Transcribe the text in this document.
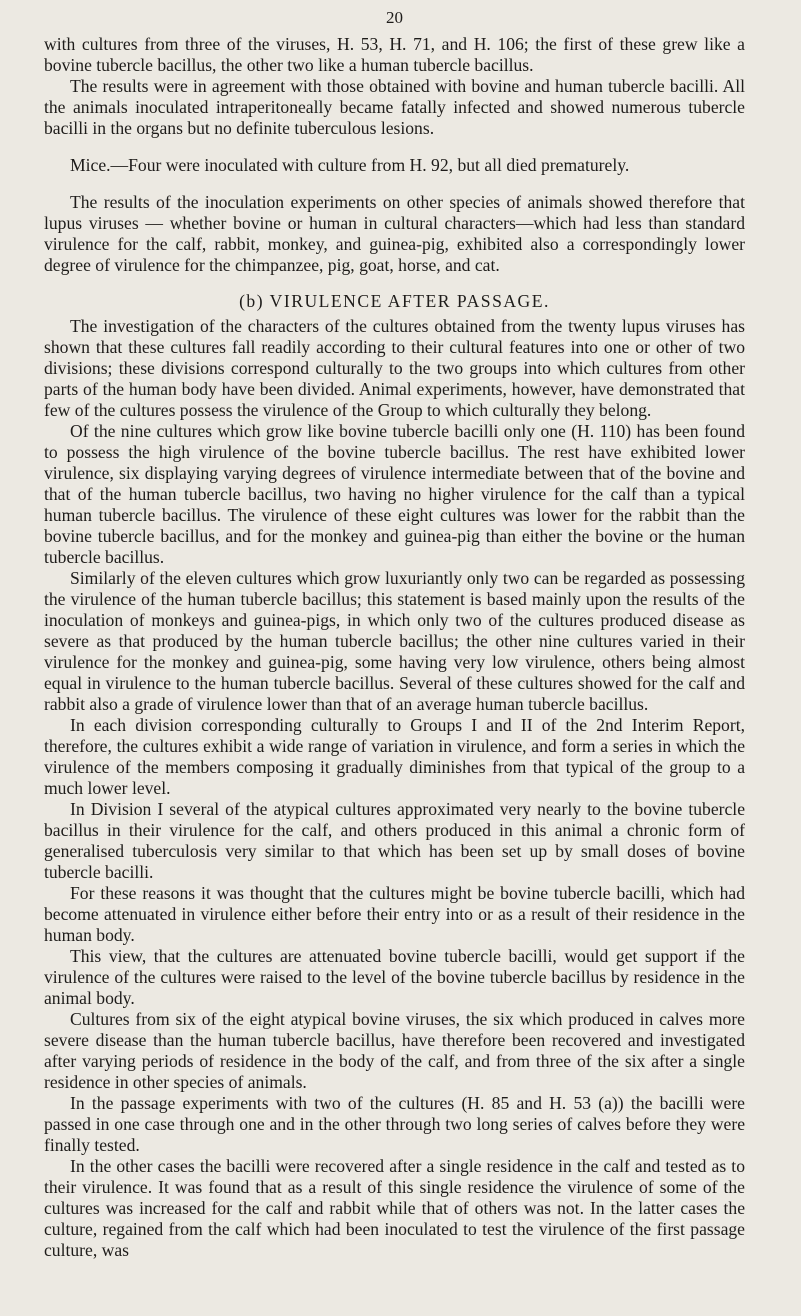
20

with cultures from three of the viruses, H. 53, H. 71, and H. 106; the first of these grew like a bovine tubercle bacillus, the other two like a human tubercle bacillus.

The results were in agreement with those obtained with bovine and human tubercle bacilli. All the animals inoculated intraperitoneally became fatally infected and showed numerous tubercle bacilli in the organs but no definite tuberculous lesions.

Mice.—Four were inoculated with culture from H. 92, but all died prematurely.

The results of the inoculation experiments on other species of animals showed therefore that lupus viruses — whether bovine or human in cultural characters—which had less than standard virulence for the calf, rabbit, monkey, and guinea-pig, exhibited also a correspondingly lower degree of virulence for the chimpanzee, pig, goat, horse, and cat.

(b) VIRULENCE AFTER PASSAGE.

The investigation of the characters of the cultures obtained from the twenty lupus viruses has shown that these cultures fall readily according to their cultural features into one or other of two divisions; these divisions correspond culturally to the two groups into which cultures from other parts of the human body have been divided. Animal experiments, however, have demonstrated that few of the cultures possess the virulence of the Group to which culturally they belong.

Of the nine cultures which grow like bovine tubercle bacilli only one (H. 110) has been found to possess the high virulence of the bovine tubercle bacillus. The rest have exhibited lower virulence, six displaying varying degrees of virulence intermediate between that of the bovine and that of the human tubercle bacillus, two having no higher virulence for the calf than a typical human tubercle bacillus. The virulence of these eight cultures was lower for the rabbit than the bovine tubercle bacillus, and for the monkey and guinea-pig than either the bovine or the human tubercle bacillus.

Similarly of the eleven cultures which grow luxuriantly only two can be regarded as possessing the virulence of the human tubercle bacillus; this statement is based mainly upon the results of the inoculation of monkeys and guinea-pigs, in which only two of the cultures produced disease as severe as that produced by the human tubercle bacillus; the other nine cultures varied in their virulence for the monkey and guinea-pig, some having very low virulence, others being almost equal in virulence to the human tubercle bacillus. Several of these cultures showed for the calf and rabbit also a grade of virulence lower than that of an average human tubercle bacillus.

In each division corresponding culturally to Groups I and II of the 2nd Interim Report, therefore, the cultures exhibit a wide range of variation in virulence, and form a series in which the virulence of the members composing it gradually diminishes from that typical of the group to a much lower level.

In Division I several of the atypical cultures approximated very nearly to the bovine tubercle bacillus in their virulence for the calf, and others produced in this animal a chronic form of generalised tuberculosis very similar to that which has been set up by small doses of bovine tubercle bacilli.

For these reasons it was thought that the cultures might be bovine tubercle bacilli, which had become attenuated in virulence either before their entry into or as a result of their residence in the human body.

This view, that the cultures are attenuated bovine tubercle bacilli, would get support if the virulence of the cultures were raised to the level of the bovine tubercle bacillus by residence in the animal body.

Cultures from six of the eight atypical bovine viruses, the six which produced in calves more severe disease than the human tubercle bacillus, have therefore been recovered and investigated after varying periods of residence in the body of the calf, and from three of the six after a single residence in other species of animals.

In the passage experiments with two of the cultures (H. 85 and H. 53 (a)) the bacilli were passed in one case through one and in the other through two long series of calves before they were finally tested.

In the other cases the bacilli were recovered after a single residence in the calf and tested as to their virulence. It was found that as a result of this single residence the virulence of some of the cultures was increased for the calf and rabbit while that of others was not. In the latter cases the culture, regained from the calf which had been inoculated to test the virulence of the first passage culture, was
